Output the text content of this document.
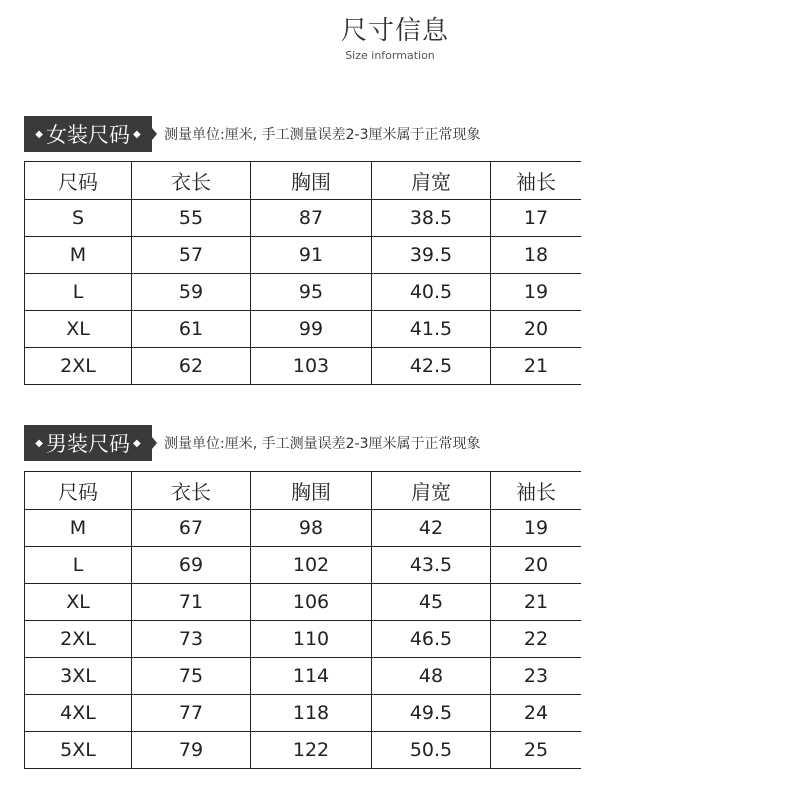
尺寸信息
Size information
◆ 女装尺码 ◆ 测量单位:厘米, 手工测量误差2-3厘米属于正常现象
尺码	衣长	胸围	肩宽	袖长
S	55	87	38.5	17
M	57	91	39.5	18
L	59	95	40.5	19
XL	61	99	41.5	20
2XL	62	103	42.5	21
◆ 男装尺码 ◆ 测量单位:厘米, 手工测量误差2-3厘米属于正常现象
尺码	衣长	胸围	肩宽	袖长
M	67	98	42	19
L	69	102	43.5	20
XL	71	106	45	21
2XL	73	110	46.5	22
3XL	75	114	48	23
4XL	77	118	49.5	24
5XL	79	122	50.5	25
